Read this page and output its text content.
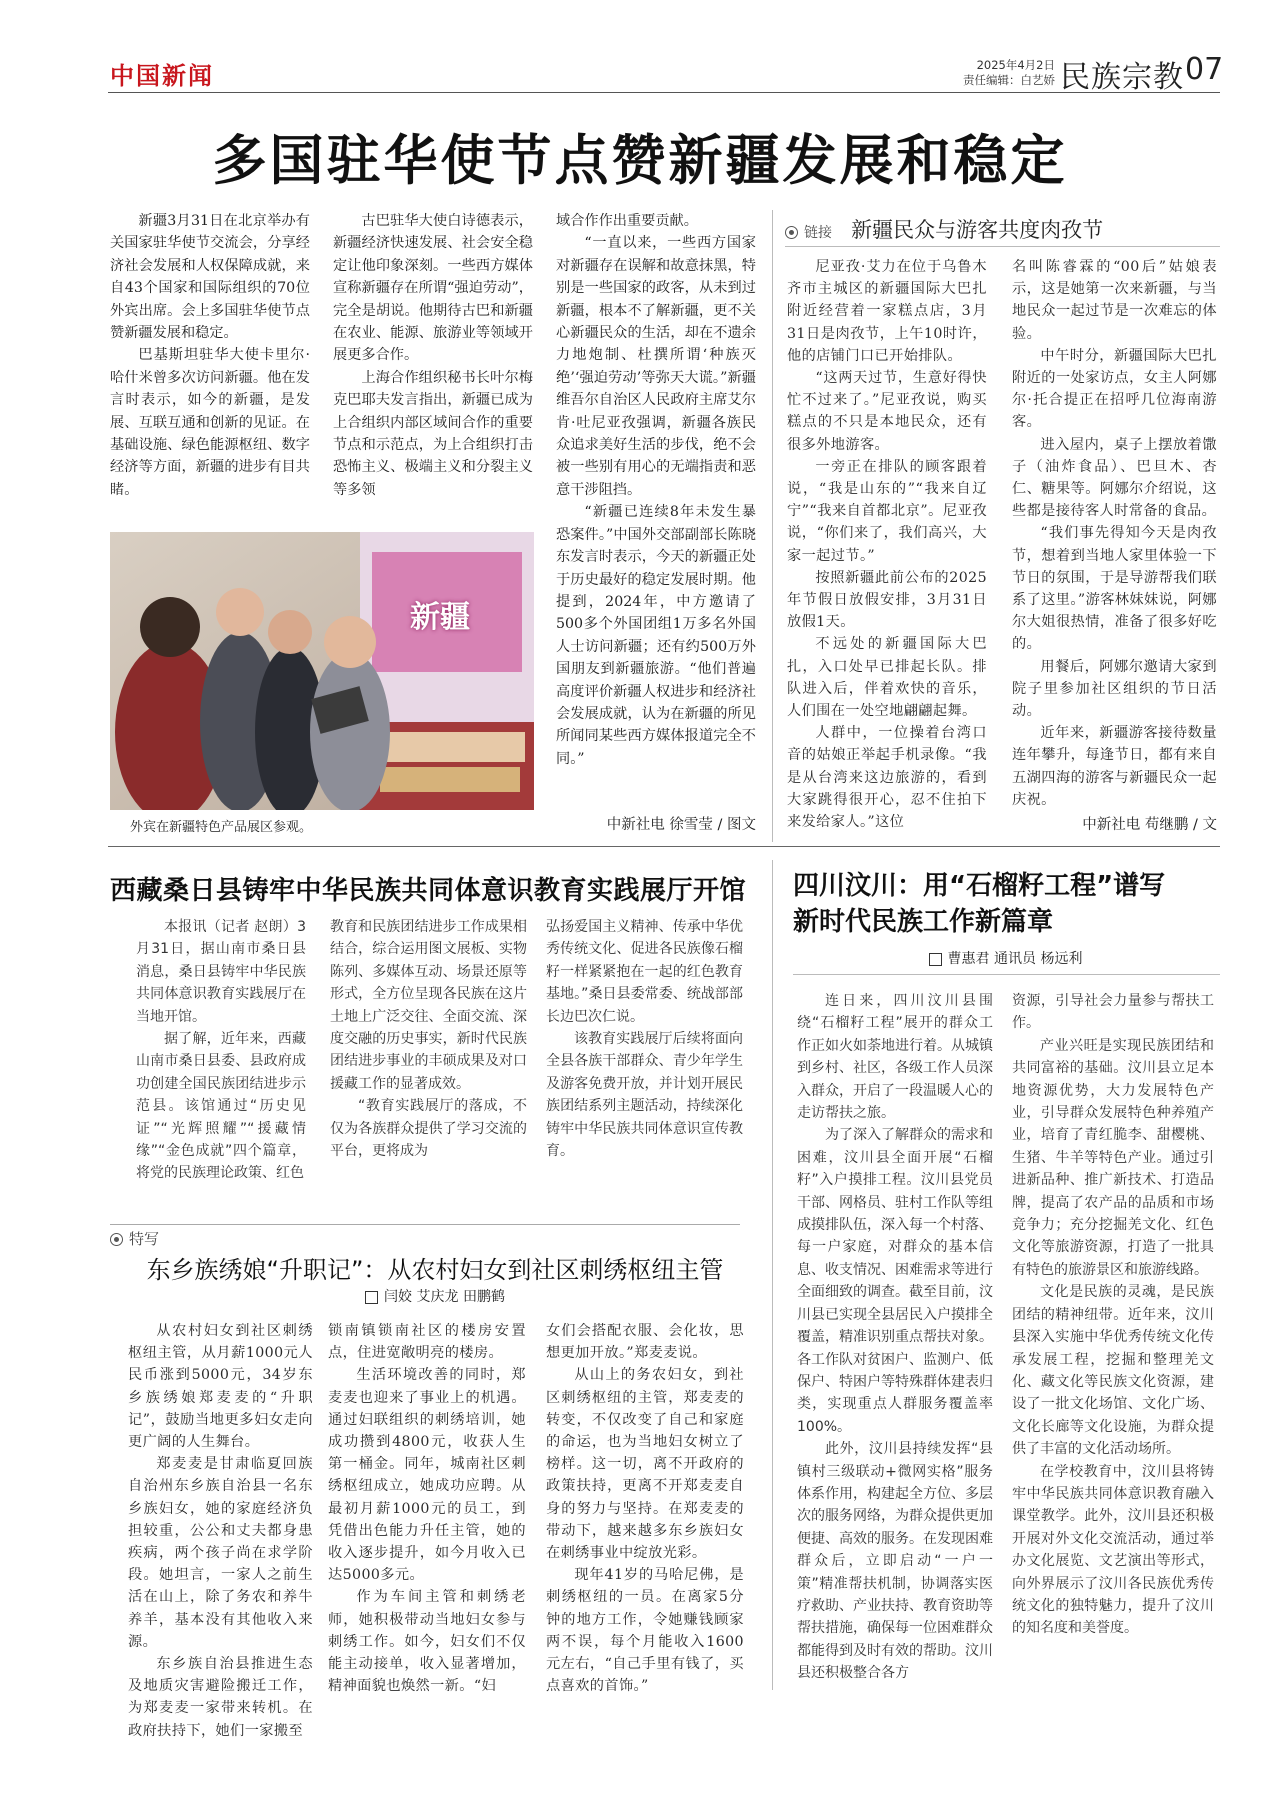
中国新闻	2025年4月2日
责任编辑：白艺娇 民族宗教 07
多国驻华使节点赞新疆发展和稳定

新疆3月31日在北京举办有关国家驻华使节交流会，分享经济社会发展和人权保障成就，来自43个国家和国际组织的70位外宾出席。会上多国驻华使节点赞新疆发展和稳定。

巴基斯坦驻华大使卡里尔·哈什米曾多次访问新疆。他在发言时表示，如今的新疆，是发展、互联互通和创新的见证。在基础设施、绿色能源枢纽、数字经济等方面，新疆的进步有目共睹。

古巴驻华大使白诗德表示，新疆经济快速发展、社会安全稳定让他印象深刻。一些西方媒体宣称新疆存在所谓“强迫劳动”，完全是胡说。他期待古巴和新疆在农业、能源、旅游业等领域开展更多合作。

上海合作组织秘书长叶尔梅克巴耶夫发言指出，新疆已成为上合组织内部区域间合作的重要节点和示范点，为上合组织打击恐怖主义、极端主义和分裂主义等多领

域合作作出重要贡献。

“一直以来，一些西方国家对新疆存在误解和故意抹黑，特别是一些国家的政客，从未到过新疆，根本不了解新疆，更不关心新疆民众的生活，却在不遗余力地炮制、杜撰所谓‘种族灭绝’‘强迫劳动’等弥天大谎。”新疆维吾尔自治区人民政府主席艾尔肯·吐尼亚孜强调，新疆各族民众追求美好生活的步伐，绝不会被一些别有用心的无端指责和恶意干涉阻挡。

“新疆已连续8年未发生暴恐案件。”中国外交部副部长陈晓东发言时表示，今天的新疆正处于历史最好的稳定发展时期。他提到，2024年，中方邀请了500多个外国团组1万多名外国人士访问新疆；还有约500万外国朋友到新疆旅游。“他们普遍高度评价新疆人权进步和经济社会发展成就，认为在新疆的所见所闻同某些西方媒体报道完全不同。”

新疆
外宾在新疆特色产品展区参观。	中新社电 徐雪莹 / 图文
链接 新疆民众与游客共度肉孜节

尼亚孜·艾力在位于乌鲁木齐市主城区的新疆国际大巴扎附近经营着一家糕点店，3月31日是肉孜节，上午10时许，他的店铺门口已开始排队。

“这两天过节，生意好得快忙不过来了。”尼亚孜说，购买糕点的不只是本地民众，还有很多外地游客。

一旁正在排队的顾客跟着说，“我是山东的”“我来自辽宁”“我来自首都北京”。尼亚孜说，“你们来了，我们高兴，大家一起过节。”

按照新疆此前公布的2025年节假日放假安排，3月31日放假1天。

不远处的新疆国际大巴扎，入口处早已排起长队。排队进入后，伴着欢快的音乐，人们围在一处空地翩翩起舞。

人群中，一位操着台湾口音的姑娘正举起手机录像。“我是从台湾来这边旅游的，看到大家跳得很开心，忍不住拍下来发给家人。”这位

名叫陈睿霖的“00后”姑娘表示，这是她第一次来新疆，与当地民众一起过节是一次难忘的体验。

中午时分，新疆国际大巴扎附近的一处家访点，女主人阿娜尔·托合提正在招呼几位海南游客。

进入屋内，桌子上摆放着馓子（油炸食品）、巴旦木、杏仁、糖果等。阿娜尔介绍说，这些都是接待客人时常备的食品。

“我们事先得知今天是肉孜节，想着到当地人家里体验一下节日的氛围，于是导游帮我们联系了这里。”游客林妹妹说，阿娜尔大姐很热情，准备了很多好吃的。

用餐后，阿娜尔邀请大家到院子里参加社区组织的节日活动。

近年来，新疆游客接待数量连年攀升，每逢节日，都有来自五湖四海的游客与新疆民众一起庆祝。

中新社电 苟继鹏 / 文
西藏桑日县铸牢中华民族共同体意识教育实践展厅开馆

本报讯（记者 赵朗）3月31日，据山南市桑日县消息，桑日县铸牢中华民族共同体意识教育实践展厅在当地开馆。

据了解，近年来，西藏山南市桑日县委、县政府成功创建全国民族团结进步示范县。该馆通过“历史见证”“光辉照耀”“援藏情缘”“金色成就”四个篇章，将党的民族理论政策、红色

教育和民族团结进步工作成果相结合，综合运用图文展板、实物陈列、多媒体互动、场景还原等形式，全方位呈现各民族在这片土地上广泛交往、全面交流、深度交融的历史事实，新时代民族团结进步事业的丰硕成果及对口援藏工作的显著成效。

“教育实践展厅的落成，不仅为各族群众提供了学习交流的平台，更将成为

弘扬爱国主义精神、传承中华优秀传统文化、促进各民族像石榴籽一样紧紧抱在一起的红色教育基地。”桑日县委常委、统战部部长边巴次仁说。

该教育实践展厅后续将面向全县各族干部群众、青少年学生及游客免费开放，并计划开展民族团结系列主题活动，持续深化铸牢中华民族共同体意识宣传教育。

特写
东乡族绣娘“升职记”：从农村妇女到社区刺绣枢纽主管
闫姣 艾庆龙 田鹏鹤

从农村妇女到社区刺绣枢纽主管，从月薪1000元人民币涨到5000元，34岁东乡族绣娘郑麦麦的“升职记”，鼓励当地更多妇女走向更广阔的人生舞台。

郑麦麦是甘肃临夏回族自治州东乡族自治县一名东乡族妇女，她的家庭经济负担较重，公公和丈夫都身患疾病，两个孩子尚在求学阶段。她坦言，一家人之前生活在山上，除了务农和养牛养羊，基本没有其他收入来源。

东乡族自治县推进生态及地质灾害避险搬迁工作，为郑麦麦一家带来转机。在政府扶持下，她们一家搬至

锁南镇锁南社区的楼房安置点，住进宽敞明亮的楼房。

生活环境改善的同时，郑麦麦也迎来了事业上的机遇。通过妇联组织的刺绣培训，她成功攒到4800元，收获人生第一桶金。同年，城南社区刺绣枢纽成立，她成功应聘。从最初月薪1000元的员工，到凭借出色能力升任主管，她的收入逐步提升，如今月收入已达5000多元。

作为车间主管和刺绣老师，她积极带动当地妇女参与刺绣工作。如今，妇女们不仅能主动接单，收入显著增加，精神面貌也焕然一新。“妇

女们会搭配衣服、会化妆，思想更加开放。”郑麦麦说。

从山上的务农妇女，到社区刺绣枢纽的主管，郑麦麦的转变，不仅改变了自己和家庭的命运，也为当地妇女树立了榜样。这一切，离不开政府的政策扶持，更离不开郑麦麦自身的努力与坚持。在郑麦麦的带动下，越来越多东乡族妇女在刺绣事业中绽放光彩。

现年41岁的马哈尼佛，是刺绣枢纽的一员。在离家5分钟的地方工作，令她赚钱顾家两不误，每个月能收入1600元左右，“自己手里有钱了，买点喜欢的首饰。”

四川汶川：用“石榴籽工程”谱写
新时代民族工作新篇章
曹惠君 通讯员 杨远利

连日来，四川汶川县围绕“石榴籽工程”展开的群众工作正如火如荼地进行着。从城镇到乡村、社区，各级工作人员深入群众，开启了一段温暖人心的走访帮扶之旅。

为了深入了解群众的需求和困难，汶川县全面开展“石榴籽”入户摸排工程。汶川县党员干部、网格员、驻村工作队等组成摸排队伍，深入每一个村落、每一户家庭，对群众的基本信息、收支情况、困难需求等进行全面细致的调查。截至目前，汶川县已实现全县居民入户摸排全覆盖，精准识别重点帮扶对象。各工作队对贫困户、监测户、低保户、特困户等特殊群体建表归类，实现重点人群服务覆盖率100%。

此外，汶川县持续发挥“县镇村三级联动+微网实格”服务体系作用，构建起全方位、多层次的服务网络，为群众提供更加便捷、高效的服务。在发现困难群众后，立即启动“一户一策”精准帮扶机制，协调落实医疗救助、产业扶持、教育资助等帮扶措施，确保每一位困难群众都能得到及时有效的帮助。汶川县还积极整合各方

资源，引导社会力量参与帮扶工作。

产业兴旺是实现民族团结和共同富裕的基础。汶川县立足本地资源优势，大力发展特色产业，引导群众发展特色种养殖产业，培育了青红脆李、甜樱桃、生猪、牛羊等特色产业。通过引进新品种、推广新技术、打造品牌，提高了农产品的品质和市场竞争力；充分挖掘羌文化、红色文化等旅游资源，打造了一批具有特色的旅游景区和旅游线路。

文化是民族的灵魂，是民族团结的精神纽带。近年来，汶川县深入实施中华优秀传统文化传承发展工程，挖掘和整理羌文化、藏文化等民族文化资源，建设了一批文化场馆、文化广场、文化长廊等文化设施，为群众提供了丰富的文化活动场所。

在学校教育中，汶川县将铸牢中华民族共同体意识教育融入课堂教学。此外，汶川县还积极开展对外文化交流活动，通过举办文化展览、文艺演出等形式，向外界展示了汶川各民族优秀传统文化的独特魅力，提升了汶川的知名度和美誉度。
